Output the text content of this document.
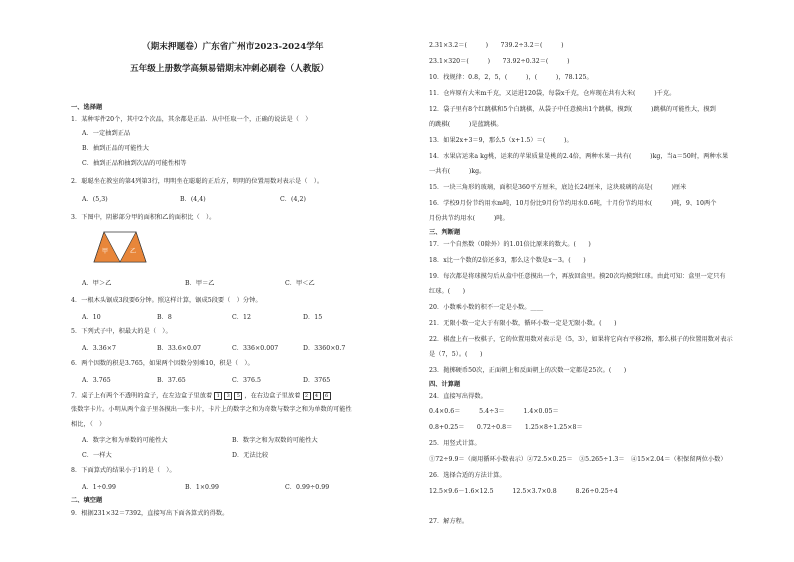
（期末押题卷）广东省广州市2023-2024学年
五年级上册数学高频易错期末冲刺必刷卷（人教版）
一、选择题
1．某种零件20个，其中2个次品，其余都是正品．从中任取一个，正确的说法是（　）
A．一定抽到正品
B．抽到正品的可能性大
C．抽到正品和抽到次品的可能性相等
2．聪聪坐在教室的第4列第3行，明明坐在聪聪的正后方，明明的位置用数对表示是（　）。
A．(5,3)	B．(4,4)	C．(4,2)
3．下图中，阴影部分甲的面积和乙的面积比（　）。
甲	乙
A．甲＞乙	B．甲＝乙	C．甲＜乙
4．一根木头锯成3段要6分钟。照这样计算，锯成5段要（　）分钟。
A．10	B．8	C．12	D．15
5．下列式子中，积最大的是（　）。
A．3.36×7	B．33.6×0.07	C．336×0.007	D．3360×0.7
6．两个因数的积是3.765，如果两个因数分别乘10，积是（　）。
A．3.765	B．37.65	C．376.5	D．3765
7．桌子上有两个不透明的盒子，在左边盒子里放着 1 3 5 ，在右边盒子里放着 2 4 6
张数字卡片。小明从两个盒子里各摸出一张卡片，卡片上的数字之和为奇数与数字之和为单数的可能性
相比，（　）
A．数字之和为单数的可能性大	B．数字之和为双数的可能性大
C．一样大	D．无法比较
8．下面算式的结果小于1的是（　）。
A．1÷0.99	B．1×0.99	C．0.99÷0.99
二、填空题
9．根据231×32＝7392，直接写出下面各算式的得数。
2.31×3.2＝(　　　)　　739.2÷3.2＝(　　　)
23.1×320＝(　　　)　　73.92÷0.32＝(　　　)
10．找规律：0.8，2，5，(　　　)，(　　　)，78.125。
11．仓库原有大米m千克，又运进120袋，每袋x千克，仓库现在共有大米(　　　)千克。
12．袋子里有8个红跳棋和5个白跳棋，从袋子中任意摸出1个跳棋，摸到(　　　)跳棋的可能性大，摸到
的跳棋(　　　)是蓝跳棋。
13．如果2x+3＝9，那么5（x+1.5）＝(　　　)。
14．水果店运来a kg桃，运来的苹果质量是桃的2.4倍，两种水果一共有(　　　)kg，当a＝50时，两种水果
一共有(　　　)kg。
15．一块三角形的玻璃，面积是360平方厘米，底边长24厘米，这块玻璃的高是(　　　)厘米
16．学校9月份节约用水m吨，10月份比9月份节约用水0.6吨，十月份节约用水(　　　)吨，9、10两个
月份共节约用水(　　　)吨。
三、判断题
17．一个自然数（0除外）的1.01倍比原来的数大。(　　)
18．x比一个数的2倍还多3，那么这个数是x－3。(　　)
19．每次都是将球摸匀后从盒中任意摸出一个，再放回盒里。摸20次均摸到红球。由此可知：盒里一定只有
红球。(　　)
20．小数乘小数的积不一定是小数。____
21．无限小数一定大于有限小数，循环小数一定是无限小数。(　　)
22．棋盘上有一枚棋子，它的位置用数对表示是（5，3），如果将它向右平移2格，那么棋子的位置用数对表示
是（7，5）。(　　)
23．抛掷硬币50次，正面朝上和反面朝上的次数一定都是25次。(　　)
四、计算题
24．直接写出得数。
0.4×0.6＝　　　5.4÷3＝　　　1.4×0.05＝
0.8+0.25＝　　0.72÷0.8＝　　1.25×8÷1.25×8＝
25．用竖式计算。
①72÷9.9＝（商用循环小数表示）②72.5×0.25＝　③5.265÷1.3＝　④15×2.04＝（积保留两位小数）
26．选择合适的方法计算。
12.5×9.6－1.6×12.5　　　12.5×3.7×0.8　　　8.26÷0.25÷4
27．解方程。
